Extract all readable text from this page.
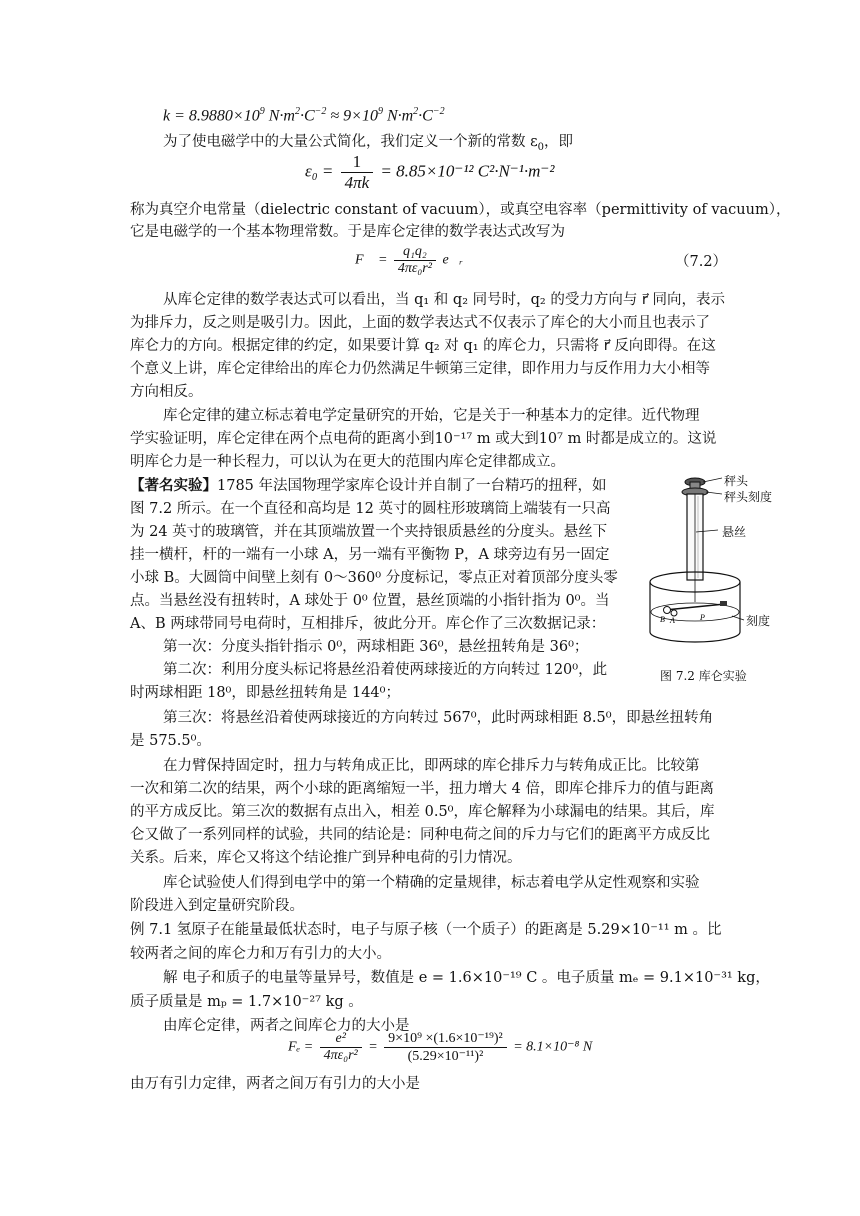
$k = 8.9880\times 10^9$ $N\cdot m^2\cdot C^{-2} \approx 9\times 10^9$ $N\cdot m^2\cdot C^{-2}$
为了使电磁学中的大量公式简化，我们定义一个新的常数 $\varepsilon_0$，即
$\varepsilon_0 = \frac{1}{4\pi k} = 8.85\times 10^{-12}$ C²·N⁻¹·m⁻²
称为真空介电常量（dielectric constant of vacuum），或真空电容率（permittivity of vacuum），
它是电磁学的一个基本物理常数。于是库仑定律的数学表达式改写为
F⃗ = $\frac{\text{q₁q₂}}{\text{4πε₀r²}}$ e⃗ᵣ	（7.2）
从库仑定律的数学表达式可以看出，当 q₁ 和 q₂ 同号时，q₂ 的受力方向与 r⃗ 同向，表示
为排斥力，反之则是吸引力。因此，上面的数学表达式不仅表示了库仑的大小而且也表示了
库仑力的方向。根据定律的约定，如果要计算 q₂ 对 q₁ 的库仑力，只需将 r⃗ 反向即得。在这
个意义上讲，库仑定律给出的库仑力仍然满足牛顿第三定律，即作用力与反作用力大小相等
方向相反。
库仑定律的建立标志着电学定量研究的开始，它是关于一种基本力的定律。近代物理
学实验证明，库仑定律在两个点电荷的距离小到10⁻¹⁷ m 或大到10⁷ m 时都是成立的。这说
明库仑力是一种长程力，可以认为在更大的范围内库仑定律都成立。
【著名实验】1785 年法国物理学家库仑设计并自制了一台精巧的扭秤，如
图 7.2 所示。在一个直径和高均是 12 英寸的圆柱形玻璃筒上端装有一只高
为 24 英寸的玻璃管，并在其顶端放置一个夹持银质悬丝的分度头。悬丝下
挂一横杆，杆的一端有一小球 A，另一端有平衡物 P，A 球旁边有另一固定
小球 B。大圆筒中间壁上刻有 0～360⁰ 分度标记，零点正对着顶部分度头零
点。当悬丝没有扭转时，A 球处于 0⁰ 位置，悬丝顶端的小指针指为 0⁰。当
A、B 两球带同号电荷时，互相排斥，彼此分开。库仑作了三次数据记录：
第一次：分度头指针指示 0⁰，两球相距 36⁰，悬丝扭转角是 36⁰；
第二次：利用分度头标记将悬丝沿着使两球接近的方向转过 120⁰，此
时两球相距 18⁰，即悬丝扭转角是 144⁰；
第三次：将悬丝沿着使两球接近的方向转过 567⁰，此时两球相距 8.5⁰，即悬丝扭转角
是 575.5⁰。
在力臂保持固定时，扭力与转角成正比，即两球的库仑排斥力与转角成正比。比较第
一次和第二次的结果，两个小球的距离缩短一半，扭力增大 4 倍，即库仑排斥力的值与距离
的平方成反比。第三次的数据有点出入，相差 0.5⁰，库仑解释为小球漏电的结果。其后，库
仑又做了一系列同样的试验，共同的结论是：同种电荷之间的斥力与它们的距离平方成反比
关系。后来，库仑又将这个结论推广到异种电荷的引力情况。
库仑试验使人们得到电学中的第一个精确的定量规律，标志着电学从定性观察和实验
阶段进入到定量研究阶段。
例 7.1 氢原子在能量最低状态时，电子与原子核（一个质子）的距离是 5.29×10⁻¹¹ m 。比
较两者之间的库仑力和万有引力的大小。
解 电子和质子的电量等量异号，数值是 e = 1.6×10⁻¹⁹ C 。电子质量 mₑ = 9.1×10⁻³¹ kg，
质子质量是 mₚ = 1.7×10⁻²⁷ kg 。
由库仑定律，两者之间库仑力的大小是
$F_e = \frac{\text{e²}}{\text{4πε₀r²}} = \frac{\text{9×10⁹ ×(1.6×10⁻¹⁹)²}}{\text{(5.29×10⁻¹¹)²}} = 8.1\times 10^{-8}$ N
由万有引力定律，两者之间万有引力的大小是
B A	P
秤头
秤头刻度
悬丝
刻度
图 7.2 库仑实验
